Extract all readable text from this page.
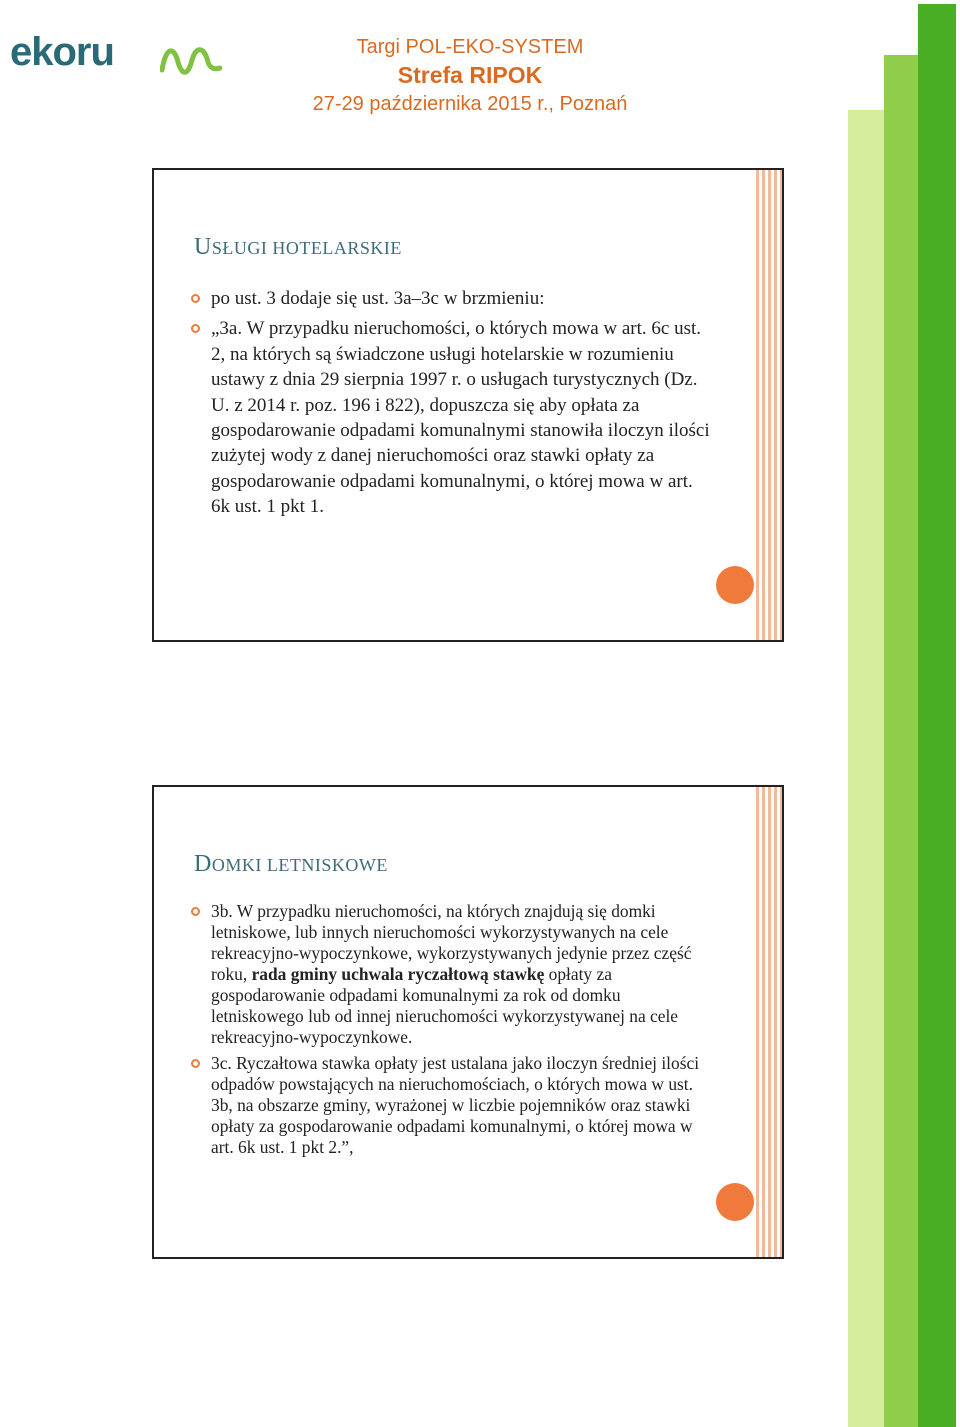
ekoru	Targi POL-EKO-SYSTEM
Strefa RIPOK
27-29 października 2015 r., Poznań
USŁUGI HOTELARSKIE
po ust. 3 dodaje się ust. 3a–3c w brzmieniu:
„3a. W przypadku nieruchomości, o których mowa w art. 6c ust. 2, na których są świadczone usługi hotelarskie w rozumieniu ustawy z dnia 29 sierpnia 1997 r. o usługach turystycznych (Dz. U. z 2014 r. poz. 196 i 822), dopuszcza się aby opłata za gospodarowanie odpadami komunalnymi stanowiła iloczyn ilości zużytej wody z danej nieruchomości oraz stawki opłaty za gospodarowanie odpadami komunalnymi, o której mowa w art. 6k ust. 1 pkt 1.
DOMKI LETNISKOWE
3b. W przypadku nieruchomości, na których znajdują się domki letniskowe, lub innych nieruchomości wykorzystywanych na cele rekreacyjno-wypoczynkowe, wykorzystywanych jedynie przez część roku, rada gminy uchwala ryczałtową stawkę opłaty za gospodarowanie odpadami komunalnymi za rok od domku letniskowego lub od innej nieruchomości wykorzystywanej na cele rekreacyjno-wypoczynkowe.
3c. Ryczałtowa stawka opłaty jest ustalana jako iloczyn średniej ilości odpadów powstających na nieruchomościach, o których mowa w ust. 3b, na obszarze gminy, wyrażonej w liczbie pojemników oraz stawki opłaty za gospodarowanie odpadami komunalnymi, o której mowa w art. 6k ust. 1 pkt 2.”,
